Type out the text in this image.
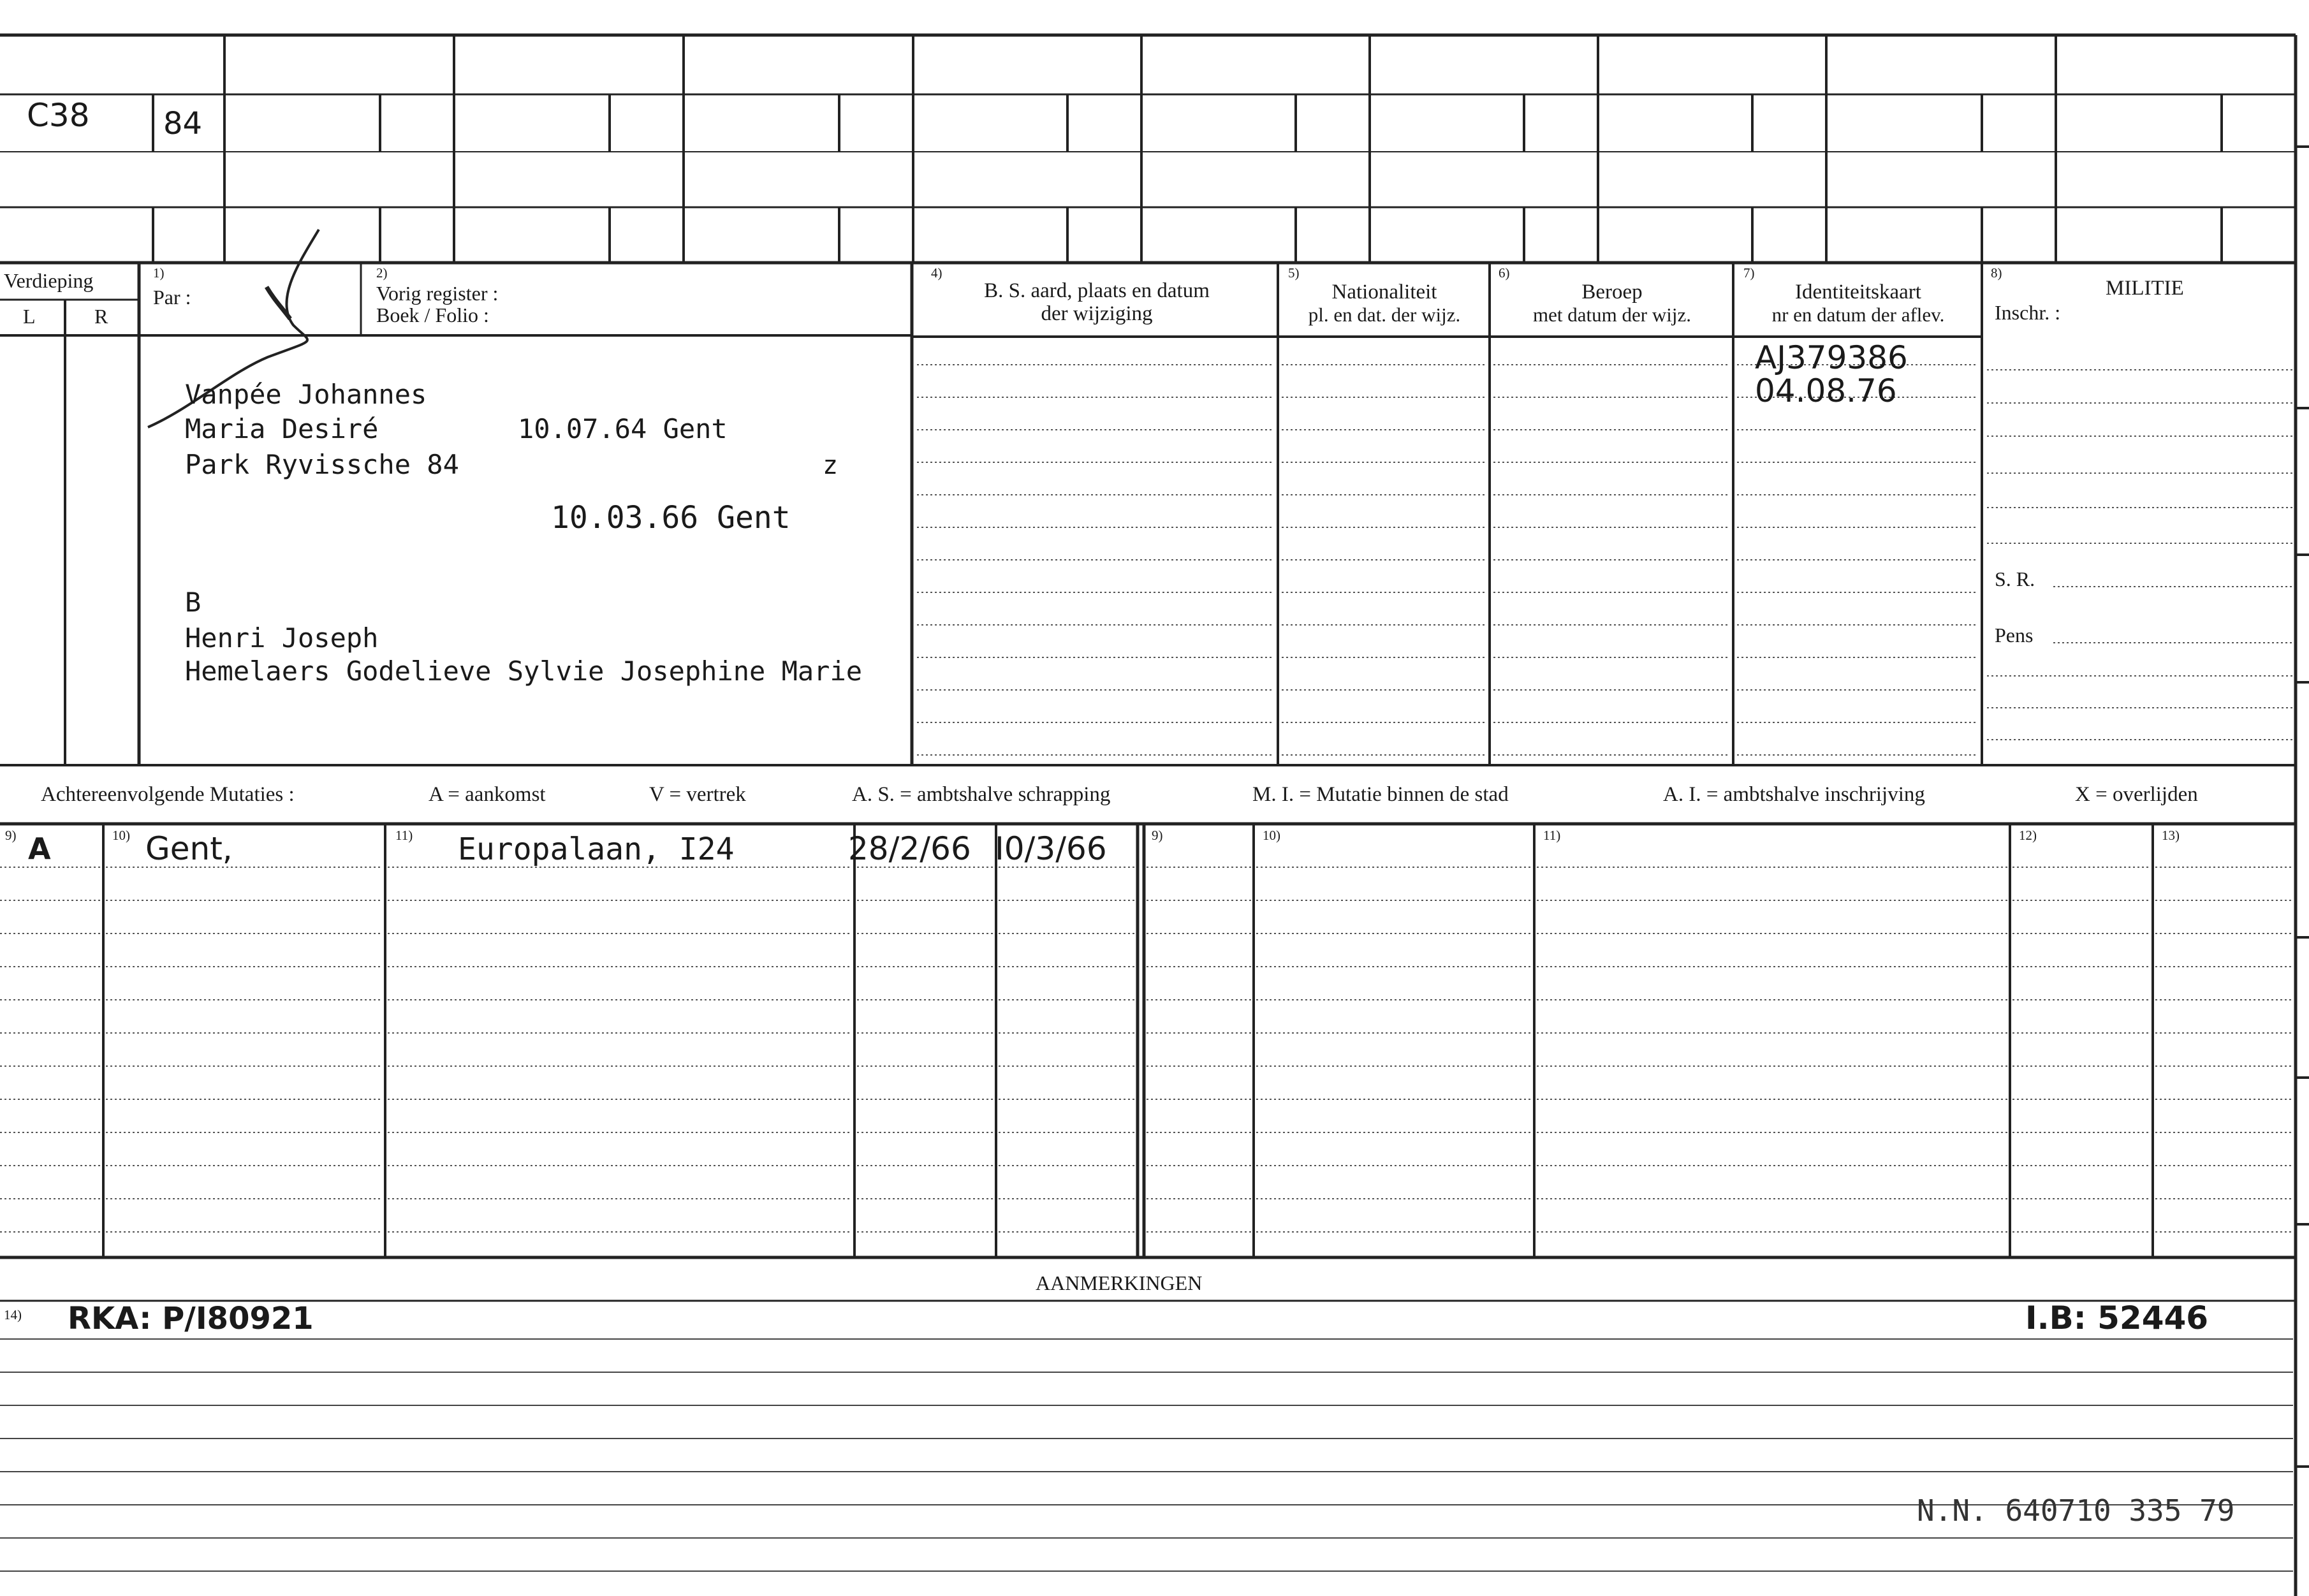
C38 84
Verdieping
L	R
1)
Par :
2)
Vorig register :
Boek / Folio :
4)
B. S. aard, plaats en datum
der wijziging
5)
Nationaliteit
pl. en dat. der wijz.
6)
Beroep
met datum der wijz.
7)
Identiteitskaart
nr en datum der aflev.
8)
MILITIE
Inschr. :
S. R.
Pens
Vanpée Johannes
Maria Desiré	10.07.64 Gent
Park Ryvissche 84	z
10.03.66 Gent
B
Henri Joseph
Hemelaers Godelieve Sylvie Josephine Marie
AJ379386
04.08.76
Achtereenvolgende Mutaties :	A = aankomst	V = vertrek	A. S. = ambtshalve schrapping	M. I. = Mutatie binnen de stad	A. I. = ambtshalve inschrijving	X = overlijden
9)	10)	11)	9)	10)	11)	12)	13)
A	Gent,	Europalaan, I24	28/2/66 I0/3/66
AANMERKINGEN
14) RKA: P/I80921	I.B: 52446
N.N. 640710 335 79
